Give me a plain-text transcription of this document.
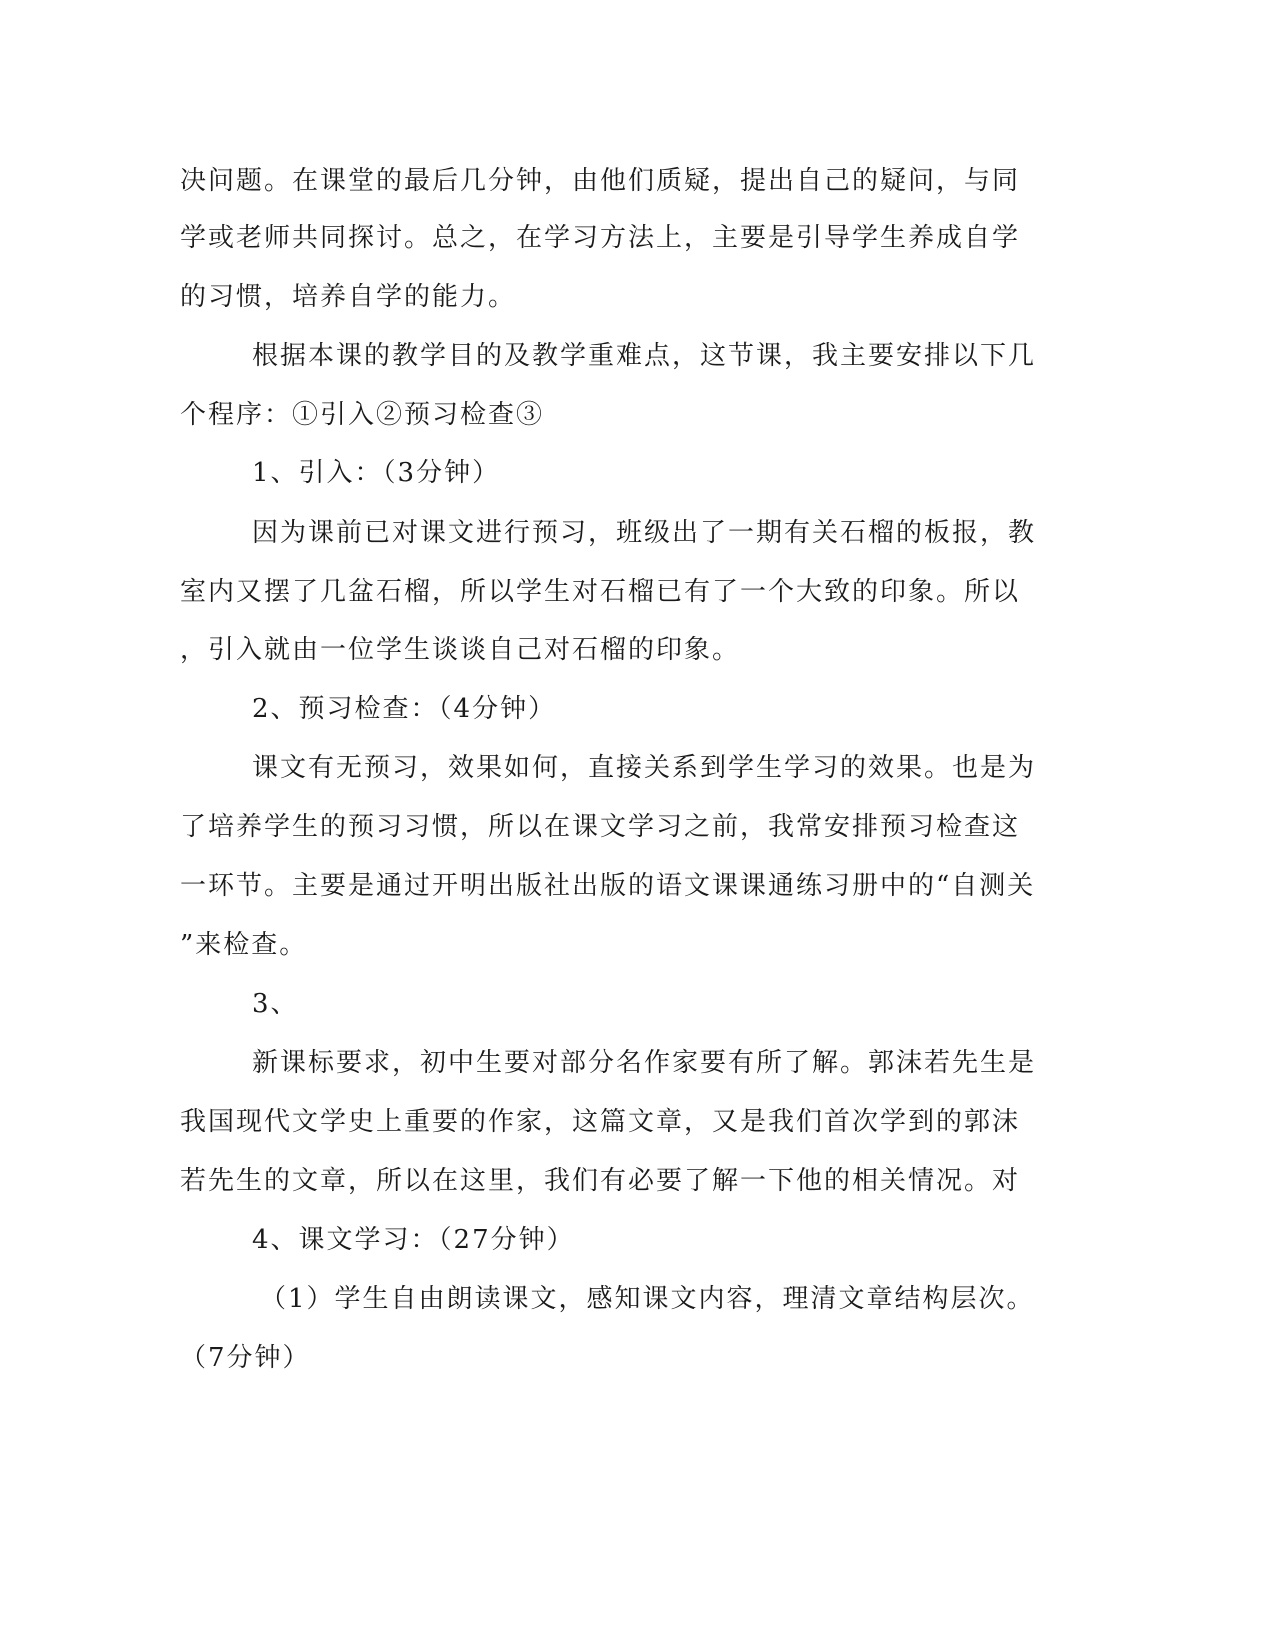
决问题。在课堂的最后几分钟，由他们质疑，提出自己的疑问，与同
学或老师共同探讨。总之，在学习方法上，主要是引导学生养成自学
的习惯，培养自学的能力。
根据本课的教学目的及教学重难点，这节课，我主要安排以下几
个程序：①引入②预习检查③
1、引入：（3分钟）
因为课前已对课文进行预习，班级出了一期有关石榴的板报，教
室内又摆了几盆石榴，所以学生对石榴已有了一个大致的印象。所以
，引入就由一位学生谈谈自己对石榴的印象。
2、预习检查：（4分钟）
课文有无预习，效果如何，直接关系到学生学习的效果。也是为
了培养学生的预习习惯，所以在课文学习之前，我常安排预习检查这
一环节。主要是通过开明出版社出版的语文课课通练习册中的“自测关
”来检查。
3、
新课标要求，初中生要对部分名作家要有所了解。郭沫若先生是
我国现代文学史上重要的作家，这篇文章，又是我们首次学到的郭沫
若先生的文章，所以在这里，我们有必要了解一下他的相关情况。对
4、课文学习：（27分钟）
（1）学生自由朗读课文，感知课文内容，理清文章结构层次。
（7分钟）
